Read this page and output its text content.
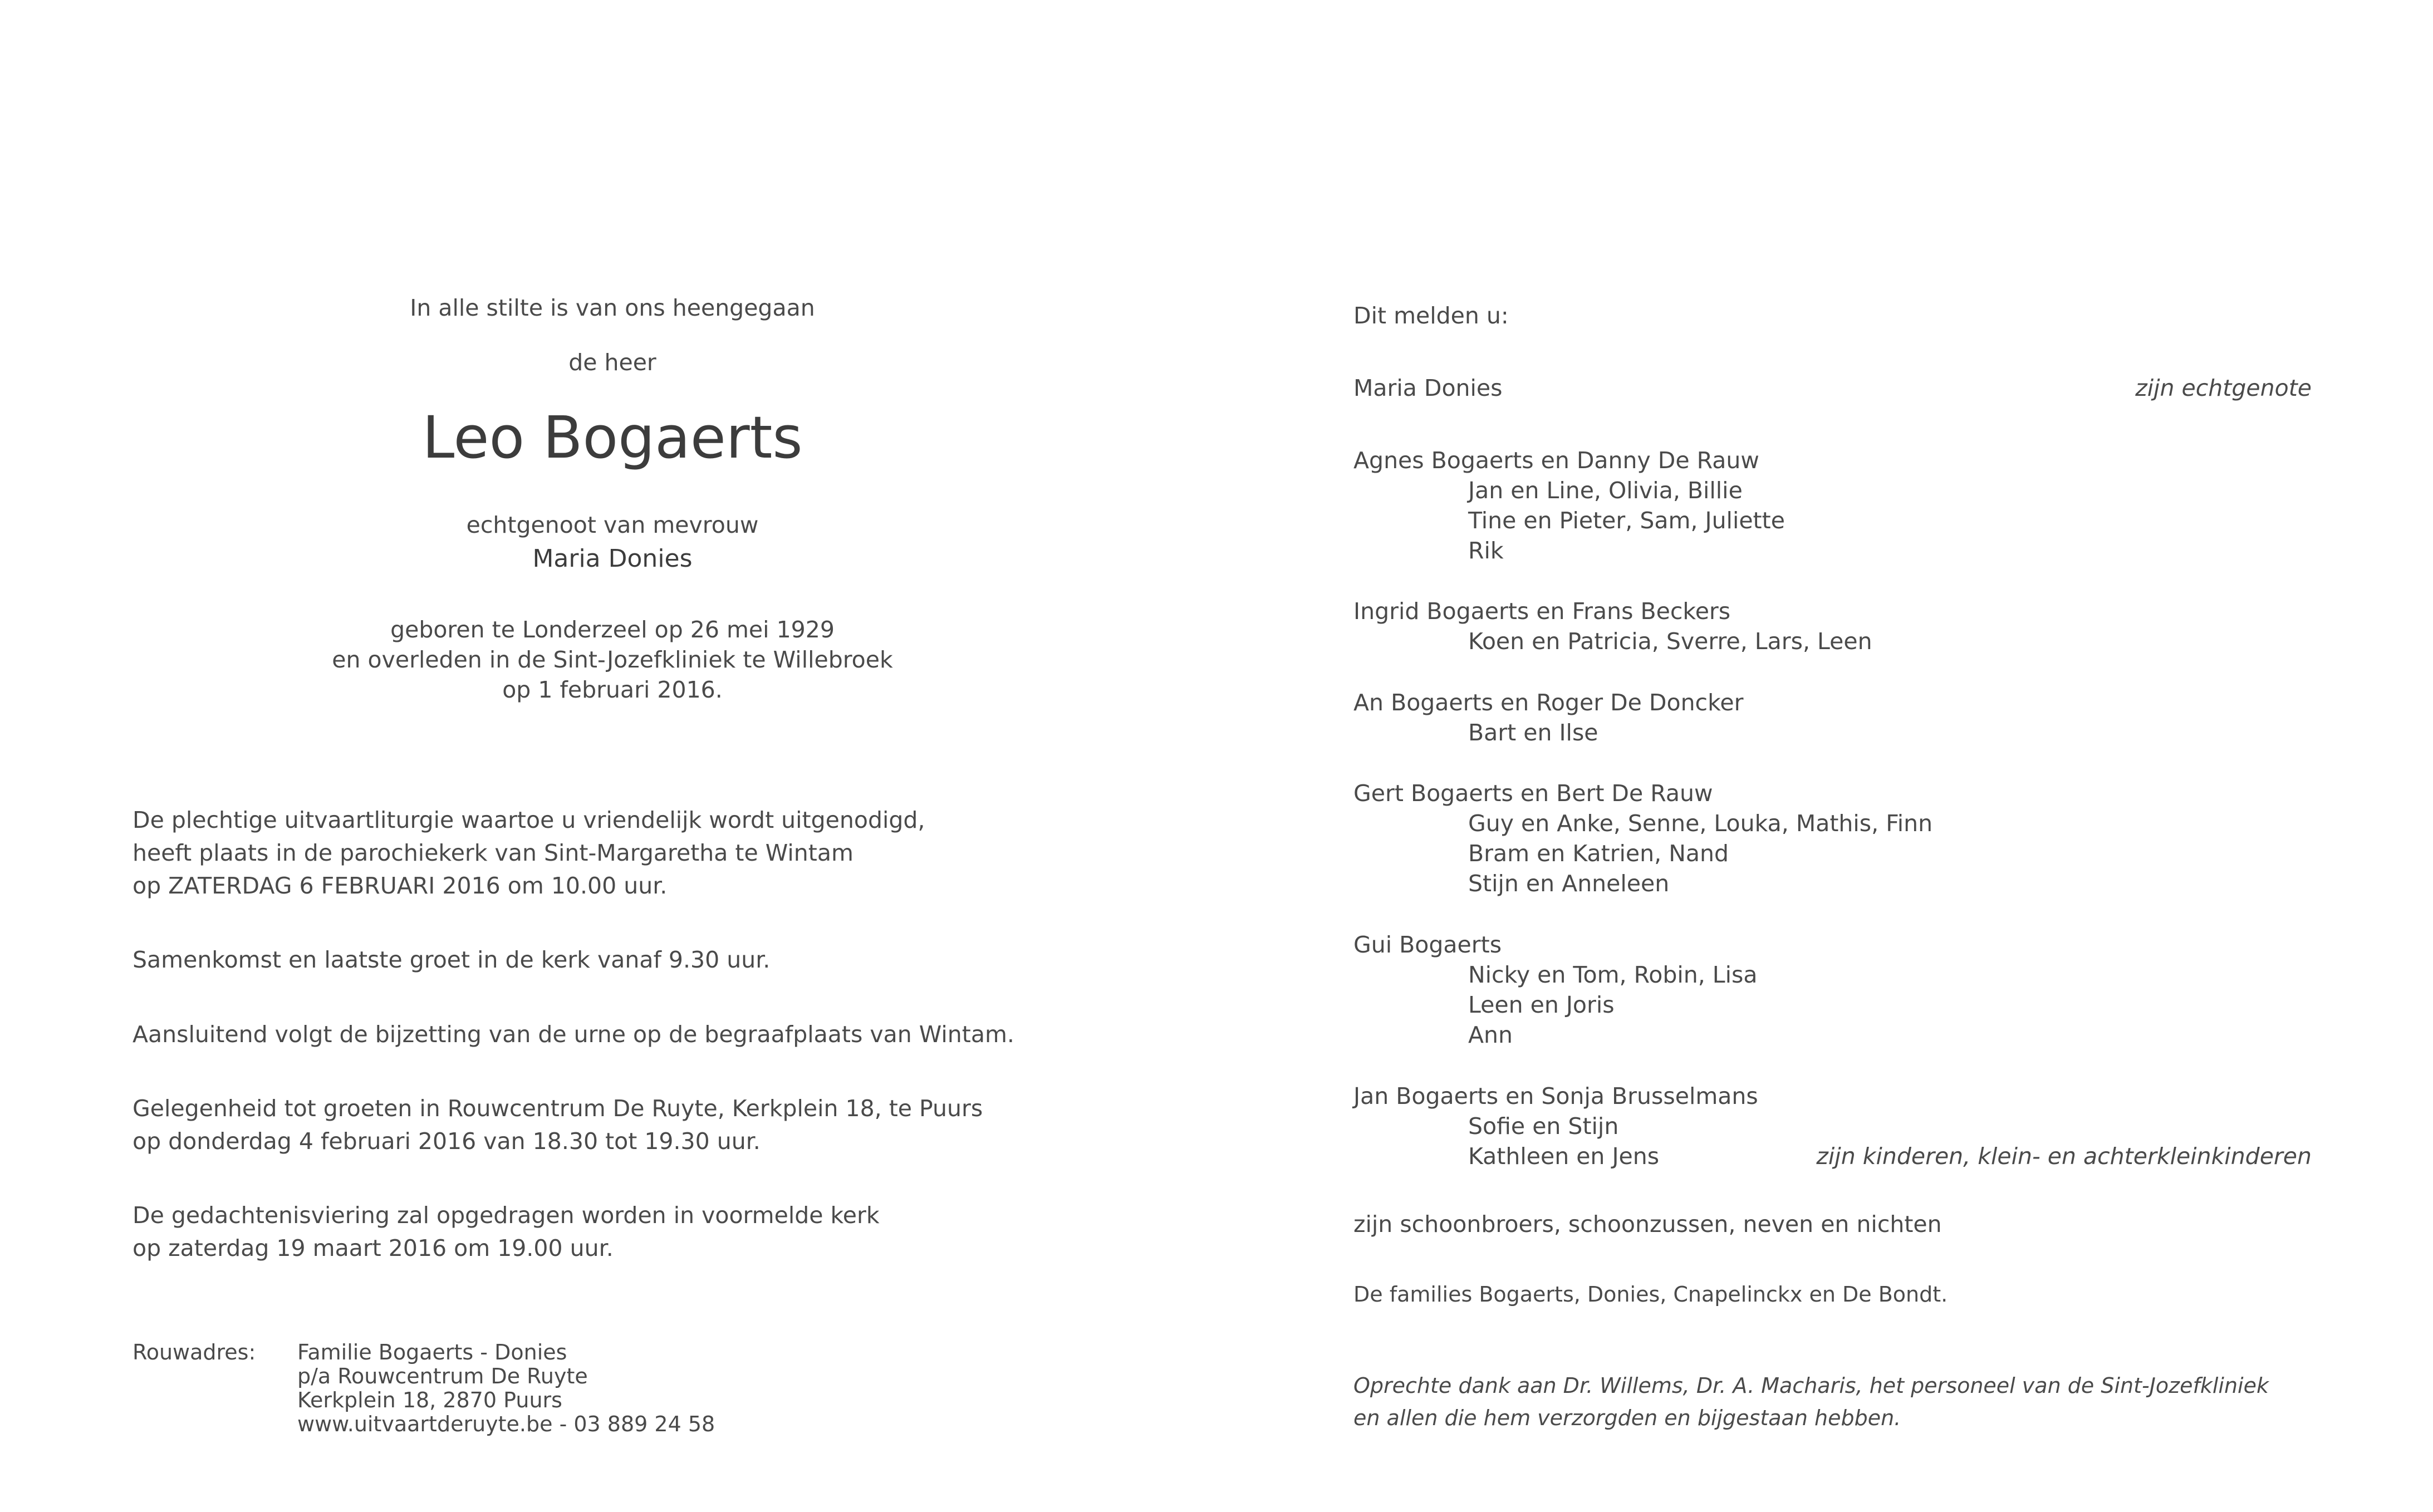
In alle stilte is van ons heengegaan
de heer
Leo Bogaerts
echtgenoot van mevrouw
Maria Donies
geboren te Londerzeel op 26 mei 1929
en overleden in de Sint-Jozefkliniek te Willebroek
op 1 februari 2016.
De plechtige uitvaartliturgie waartoe u vriendelijk wordt uitgenodigd,
heeft plaats in de parochiekerk van Sint-Margaretha te Wintam
op ZATERDAG 6 FEBRUARI 2016 om 10.00 uur.
Samenkomst en laatste groet in de kerk vanaf 9.30 uur.
Aansluitend volgt de bijzetting van de urne op de begraafplaats van Wintam.
Gelegenheid tot groeten in Rouwcentrum De Ruyte, Kerkplein 18, te Puurs
op donderdag 4 februari 2016 van 18.30 tot 19.30 uur.
De gedachtenisviering zal opgedragen worden in voormelde kerk
op zaterdag 19 maart 2016 om 19.00 uur.
Rouwadres: Familie Bogaerts - Donies
p/a Rouwcentrum De Ruyte
Kerkplein 18, 2870 Puurs
www.uitvaartderuyte.be - 03 889 24 58
Dit melden u:
Maria Donies	zijn echtgenote
Agnes Bogaerts en Danny De Rauw
Jan en Line, Olivia, Billie
Tine en Pieter, Sam, Juliette
Rik
Ingrid Bogaerts en Frans Beckers
Koen en Patricia, Sverre, Lars, Leen
An Bogaerts en Roger De Doncker
Bart en Ilse
Gert Bogaerts en Bert De Rauw
Guy en Anke, Senne, Louka, Mathis, Finn
Bram en Katrien, Nand
Stijn en Anneleen
Gui Bogaerts
Nicky en Tom, Robin, Lisa
Leen en Joris
Ann
Jan Bogaerts en Sonja Brusselmans
Sofie en Stijn
Kathleen en Jens	zijn kinderen, klein- en achterkleinkinderen
zijn schoonbroers, schoonzussen, neven en nichten
De families Bogaerts, Donies, Cnapelinckx en De Bondt.
Oprechte dank aan Dr. Willems, Dr. A. Macharis, het personeel van de Sint-Jozefkliniek
en allen die hem verzorgden en bijgestaan hebben.
